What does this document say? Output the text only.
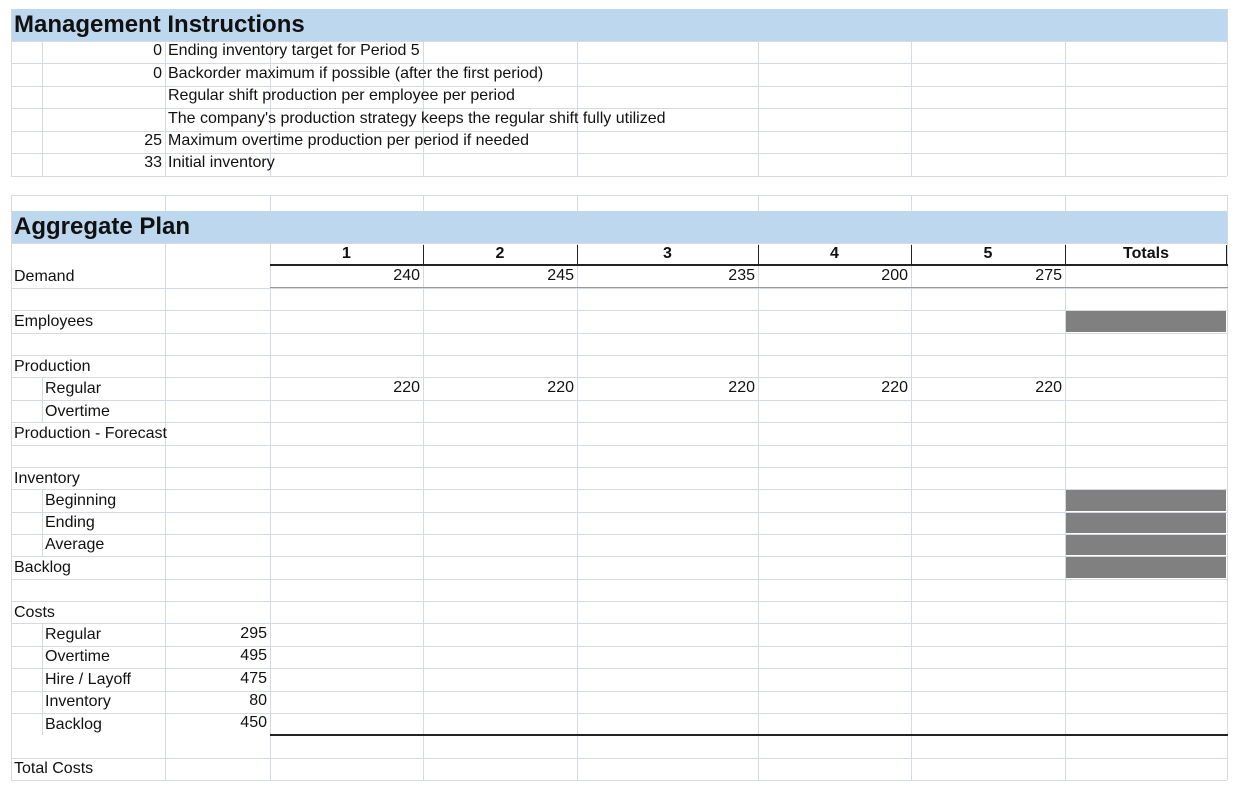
Management Instructions
0 Ending inventory target for Period 5
0 Backorder maximum if possible (after the first period)
Regular shift production per employee per period
The company's production strategy keeps the regular shift fully utilized
25 Maximum overtime production per period if needed
33 Initial inventory
Aggregate Plan
1	2	3	4	5	Totals
Demand	240	245	235	200	275
Employees
Production
Regular	220	220	220	220	220
Overtime
Production - Forecast
Inventory
Beginning
Ending
Average
Backlog
Costs
Regular	295
Overtime	495
Hire / Layoff	475
Inventory	80
Backlog	450
Total Costs
